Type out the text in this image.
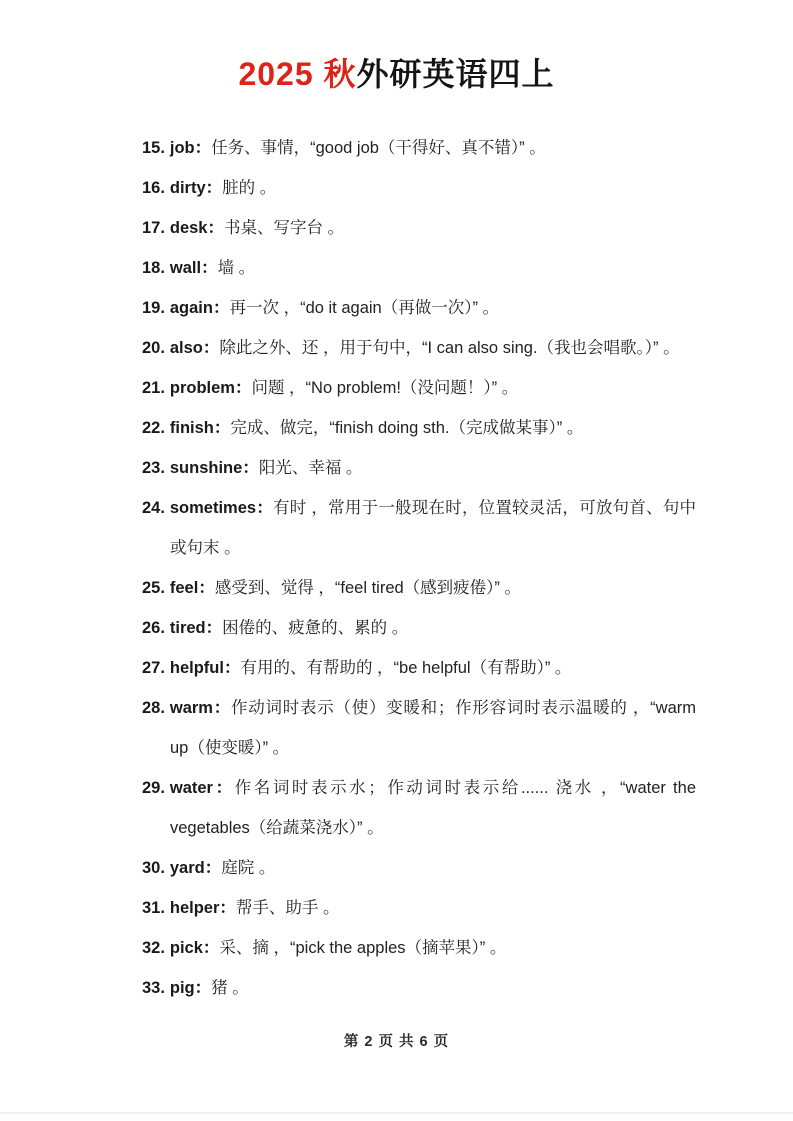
2025 秋外研英语四上
15. job：任务、事情，“good job（干得好、真不错）” 。
16. dirty：脏的 。
17. desk：书桌、写字台 。
18. wall：墙 。
19. again：再一次 ，“do it again（再做一次）” 。
20. also：除此之外、还 ，用于句中，“I can also sing.（我也会唱歌。）” 。
21. problem：问题 ，“No problem!（没问题！）” 。
22. finish：完成、做完，“finish doing sth.（完成做某事）” 。
23. sunshine：阳光、幸福 。
24. sometimes：有时 ，常用于一般现在时，位置较灵活，可放句首、句中或句末 。
25. feel：感受到、觉得 ，“feel tired（感到疲倦）” 。
26. tired：困倦的、疲惫的、累的 。
27. helpful：有用的、有帮助的 ，“be helpful（有帮助）” 。
28. warm：作动词时表示（使）变暖和；作形容词时表示温暖的 ，“warm up（使变暖）” 。
29. water：作名词时表示水；作动词时表示给...... 浇水 ，“water the vegetables（给蔬菜浇水）” 。
30. yard：庭院 。
31. helper：帮手、助手 。
32. pick：采、摘 ，“pick the apples（摘苹果）” 。
33. pig：猪 。
第 2 页 共 6 页
